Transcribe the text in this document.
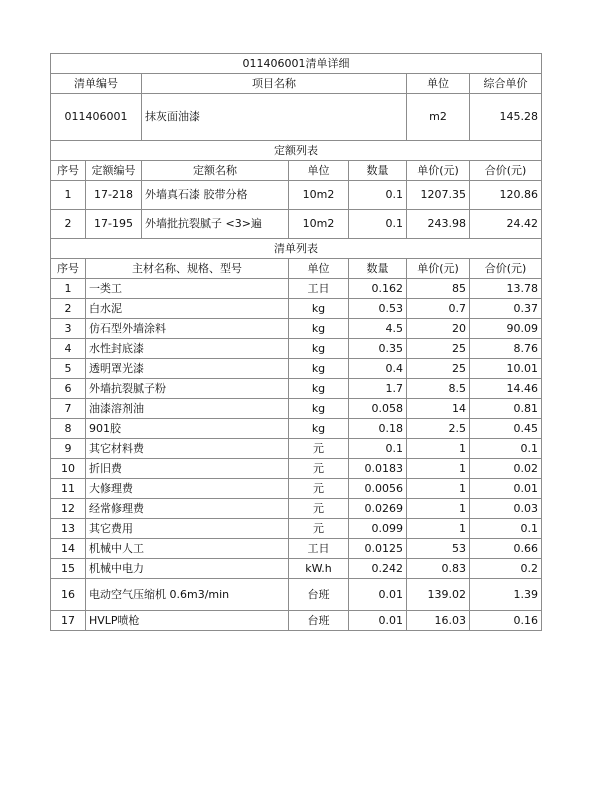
011406001清单详细						
清单编号		项目名称			单位	综合单价
011406001		抹灰面油漆			m2	145.28
定额列表						
序号	定额编号	定额名称	单位	数量	单价(元)	合价(元)
1	17-218	外墙真石漆 胶带分格	10m2	0.1	1207.35	120.86
2	17-195	外墙批抗裂腻子 <3>遍	10m2	0.1	243.98	24.42
清单列表						
序号	主材名称、规格、型号		单位	数量	单价(元)	合价(元)
1	一类工		工日	0.162	85	13.78
2	白水泥		kg	0.53	0.7	0.37
3	仿石型外墙涂料		kg	4.5	20	90.09
4	水性封底漆		kg	0.35	25	8.76
5	透明罩光漆		kg	0.4	25	10.01
6	外墙抗裂腻子粉		kg	1.7	8.5	14.46
7	油漆溶剂油		kg	0.058	14	0.81
8	901胶		kg	0.18	2.5	0.45
9	其它材料费		元	0.1	1	0.1
10	折旧费		元	0.0183	1	0.02
11	大修理费		元	0.0056	1	0.01
12	经常修理费		元	0.0269	1	0.03
13	其它费用		元	0.099	1	0.1
14	机械中人工		工日	0.0125	53	0.66
15	机械中电力		kW.h	0.242	0.83	0.2
16	电动空气压缩机 0.6m3/min		台班	0.01	139.02	1.39
17	HVLP喷枪		台班	0.01	16.03	0.16
